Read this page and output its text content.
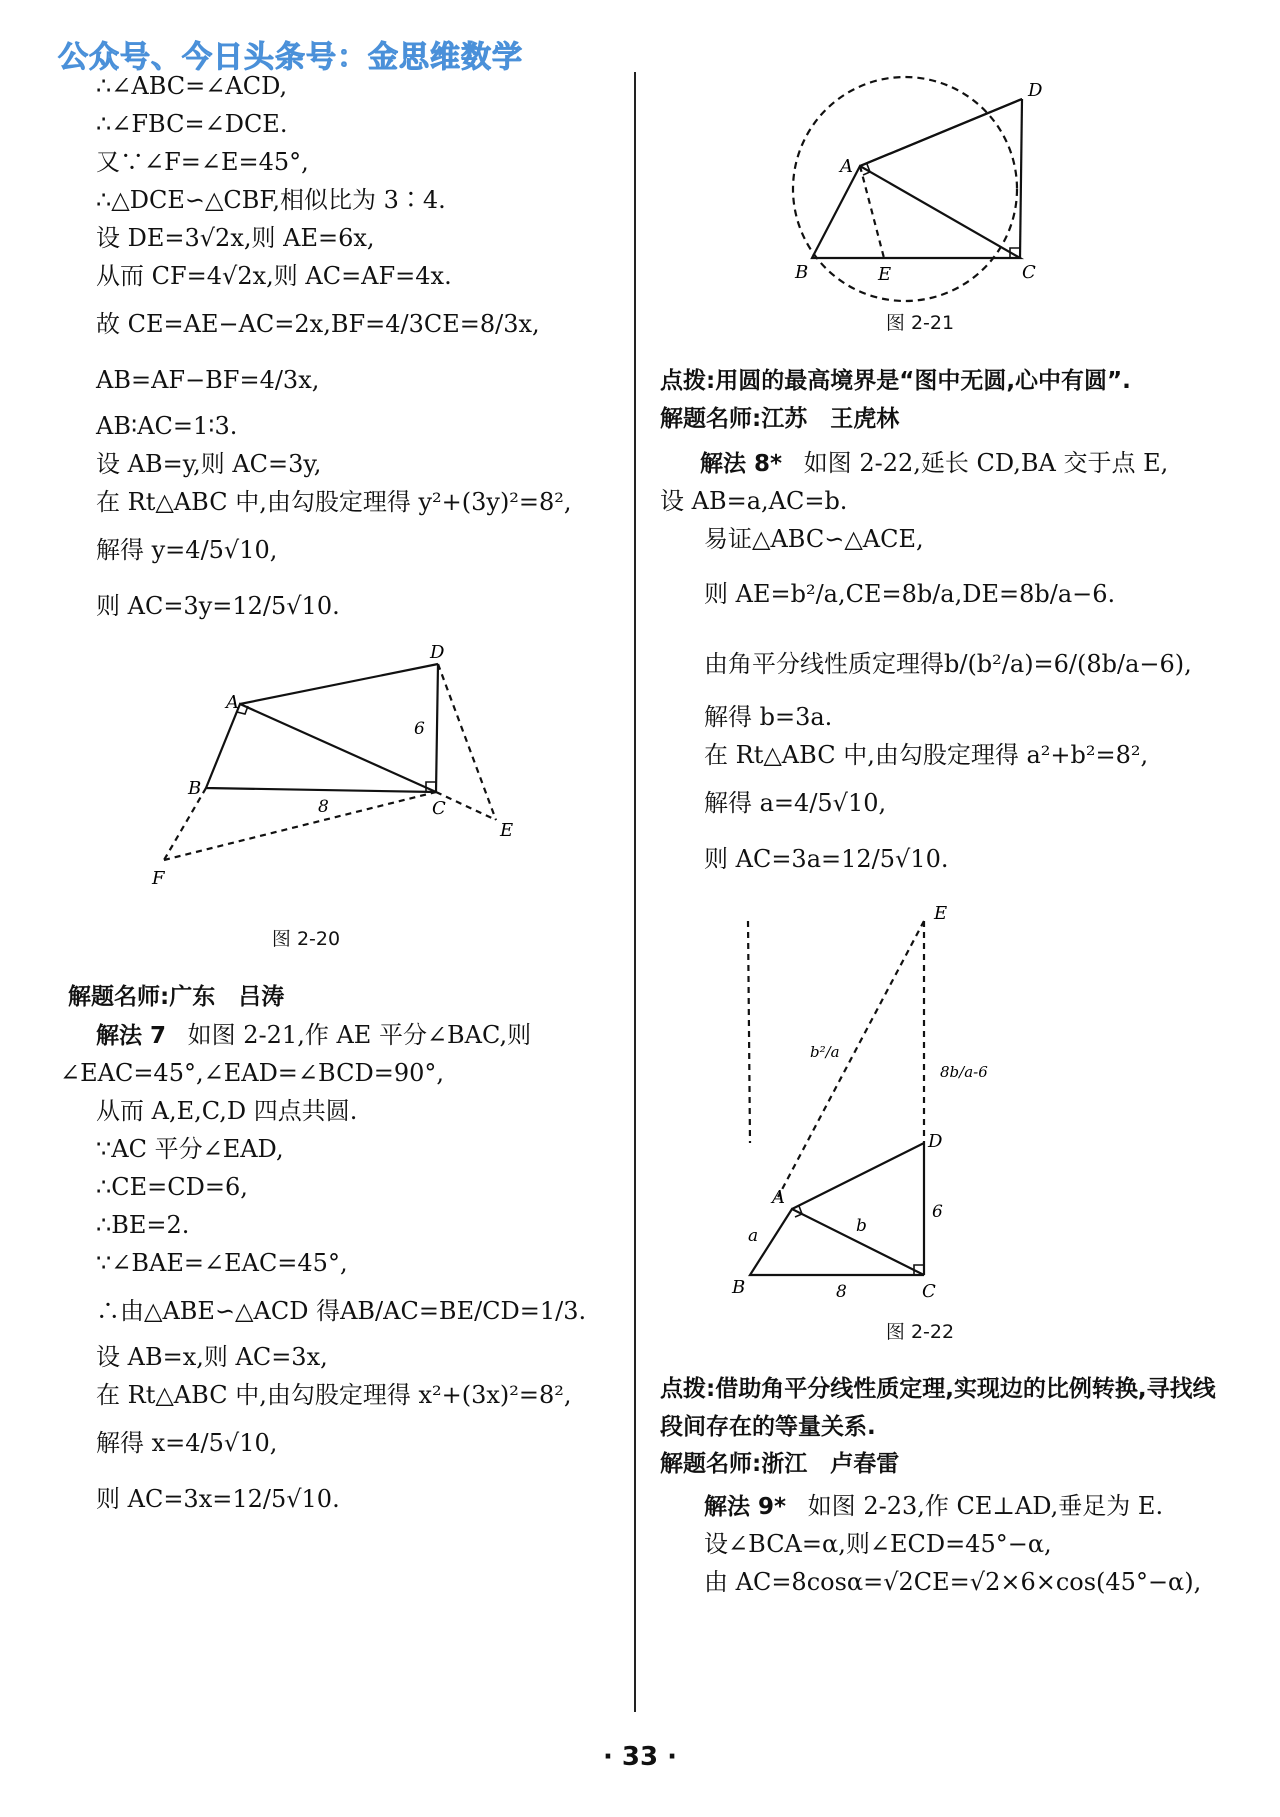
公众号、今日头条号：金思维数学
∴∠ABC=∠ACD,
∴∠FBC=∠DCE.
又∵∠F=∠E=45°,
∴△DCE∽△CBF,相似比为 3∶4.
设 DE=3√2x,则 AE=6x,
从而 CF=4√2x,则 AC=AF=4x.
故 CE=AE−AC=2x,BF=4/3CE=8/3x,
AB=AF−BF=4/3x,
AB∶AC=1∶3.
设 AB=y,则 AC=3y,
在 Rt△ABC 中,由勾股定理得 y²+(3y)²=8²,
解得 y=4/5√10,
则 AC=3y=12/5√10.
A
B
C
D
E
F
6
8
图 2-20
解题名师:广东　吕涛
解法 7 如图 2-21,作 AE 平分∠BAC,则
∠EAC=45°,∠EAD=∠BCD=90°,
从而 A,E,C,D 四点共圆.
∵AC 平分∠EAD,
∴CE=CD=6,
∴BE=2.
∵∠BAE=∠EAC=45°,
∴由△ABE∽△ACD 得AB/AC=BE/CD=1/3.
设 AB=x,则 AC=3x,
在 Rt△ABC 中,由勾股定理得 x²+(3x)²=8²,
解得 x=4/5√10,
则 AC=3x=12/5√10.
A
B	C
D
E
图 2-21
点拨:用圆的最高境界是“图中无圆,心中有圆”.
解题名师:江苏　王虎林
解法 8* 如图 2-22,延长 CD,BA 交于点 E,
设 AB=a,AC=b.
易证△ABC∽△ACE,
则 AE=b²/a,CE=8b/a,DE=8b/a−6.
由角平分线性质定理得b/(b²/a)=6/(8b/a−6),
解得 b=3a.
在 Rt△ABC 中,由勾股定理得 a²+b²=8²,
解得 a=4/5√10,
则 AC=3a=12/5√10.
E
D
A
B	C
a	b
6
8
b²/a
8b/a-6
图 2-22
点拨:借助角平分线性质定理,实现边的比例转换,寻找线段间存在的等量关系.
解题名师:浙江　卢春雷
解法 9* 如图 2-23,作 CE⊥AD,垂足为 E.
设∠BCA=α,则∠ECD=45°−α,
由 AC=8cosα=√2CE=√2×6×cos(45°−α),
· 33 ·
